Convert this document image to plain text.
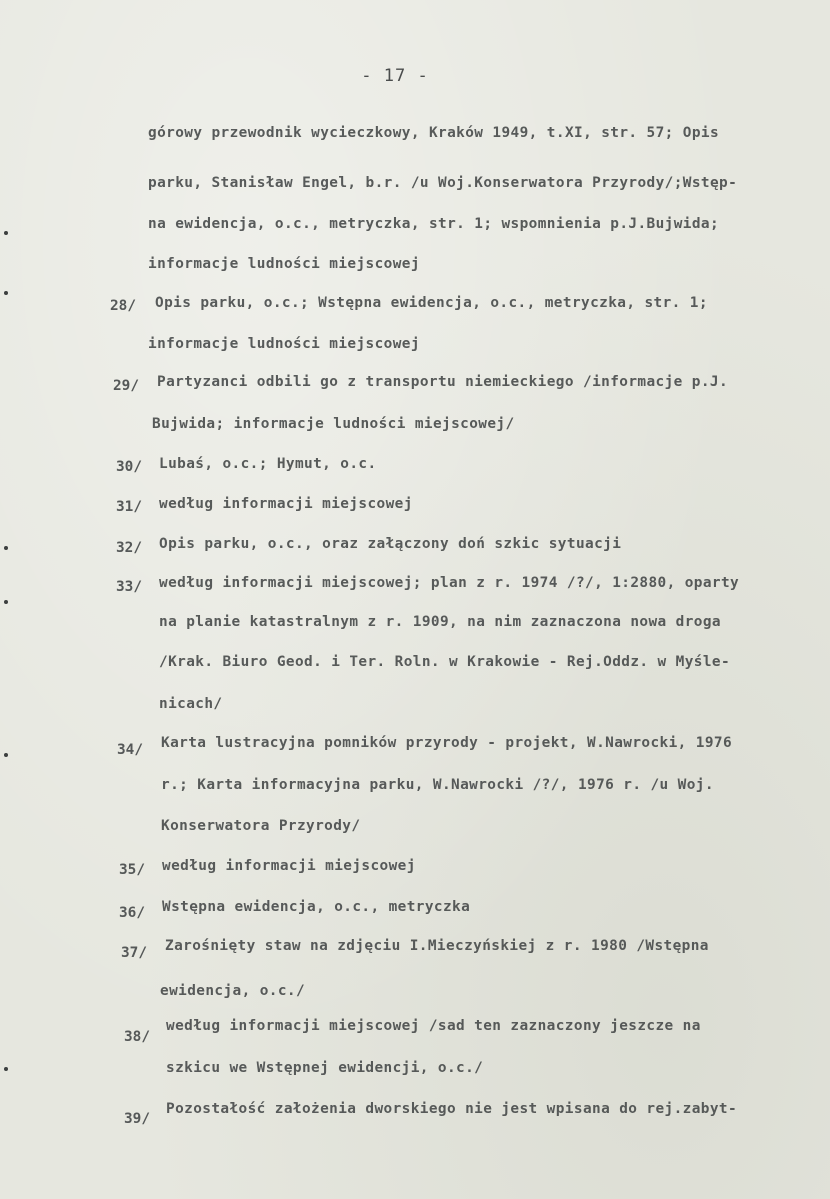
- 17 -
górowy przewodnik wycieczkowy, Kraków 1949, t.XI, str. 57; Opis
parku, Stanisław Engel, b.r. /u Woj.Konserwatora Przyrody/;Wstęp-
na ewidencja, o.c., metryczka, str. 1; wspomnienia p.J.Bujwida;
informacje ludności miejscowej
28/ Opis parku, o.c.; Wstępna ewidencja, o.c., metryczka, str. 1;
informacje ludności miejscowej
29/ Partyzanci odbili go z transportu niemieckiego /informacje p.J.
Bujwida; informacje ludności miejscowej/
30/ Lubaś, o.c.; Hymut, o.c.
31/ według informacji miejscowej
32/ Opis parku, o.c., oraz załączony doń szkic sytuacji
33/ według informacji miejscowej; plan z r. 1974 /?/, 1:2880, oparty
na planie katastralnym z r. 1909, na nim zaznaczona nowa droga
/Krak. Biuro Geod. i Ter. Roln. w Krakowie - Rej.Oddz. w Myśle-
nicach/
34/ Karta lustracyjna pomników przyrody - projekt, W.Nawrocki, 1976
r.; Karta informacyjna parku, W.Nawrocki /?/, 1976 r. /u Woj.
Konserwatora Przyrody/
35/ według informacji miejscowej
36/ Wstępna ewidencja, o.c., metryczka
37/ Zarośnięty staw na zdjęciu I.Mieczyńskiej z r. 1980 /Wstępna
ewidencja, o.c./
38/
według informacji miejscowej /sad ten zaznaczony jeszcze na
szkicu we Wstępnej ewidencji, o.c./
39/
Pozostałość założenia dworskiego nie jest wpisana do rej.zabyt-
